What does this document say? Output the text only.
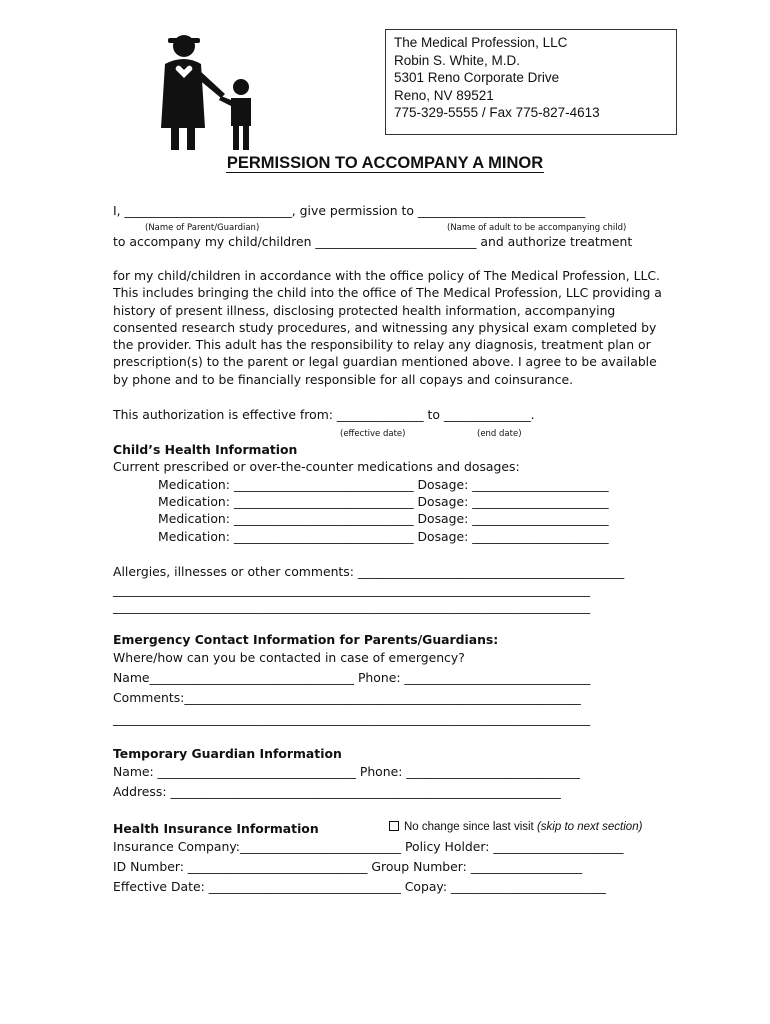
The Medical Profession, LLC
Robin S. White, M.D.
5301 Reno Corporate Drive
Reno, NV 89521
775-329-5555 / Fax 775-827-4613
PERMISSION TO ACCOMPANY A MINOR
I, ___________________________, give permission to ___________________________
(Name of Parent/Guardian)	(Name of adult to be accompanying child)
to accompany my child/children __________________________ and authorize treatment
for my child/children in accordance with the office policy of The Medical Profession, LLC.
This includes bringing the child into the office of The Medical Profession, LLC providing a
history of present illness, disclosing protected health information, accompanying
consented research study procedures, and witnessing any physical exam completed by
the provider. This adult has the responsibility to relay any diagnosis, treatment plan or
prescription(s) to the parent or legal guardian mentioned above. I agree to be available
by phone and to be financially responsible for all copays and coinsurance.
This authorization is effective from: ______________ to ______________.
(effective date)	(end date)
Child’s Health Information
Current prescribed or over-the-counter medications and dosages:
Medication: _____________________________ Dosage: ______________________
Medication: _____________________________ Dosage: ______________________
Medication: _____________________________ Dosage: ______________________
Medication: _____________________________ Dosage: ______________________
Allergies, illnesses or other comments: ___________________________________________
_____________________________________________________________________________
_____________________________________________________________________________
Emergency Contact Information for Parents/Guardians:
Where/how can you be contacted in case of emergency?
Name_________________________________ Phone: ______________________________
Comments:________________________________________________________________
_____________________________________________________________________________
Temporary Guardian Information
Name: ________________________________ Phone: ____________________________
Address: _______________________________________________________________
Health Insurance Information	No change since last visit (skip to next section)
Insurance Company:__________________________ Policy Holder: _____________________
ID Number: _____________________________ Group Number: __________________
Effective Date: _______________________________ Copay: _________________________
